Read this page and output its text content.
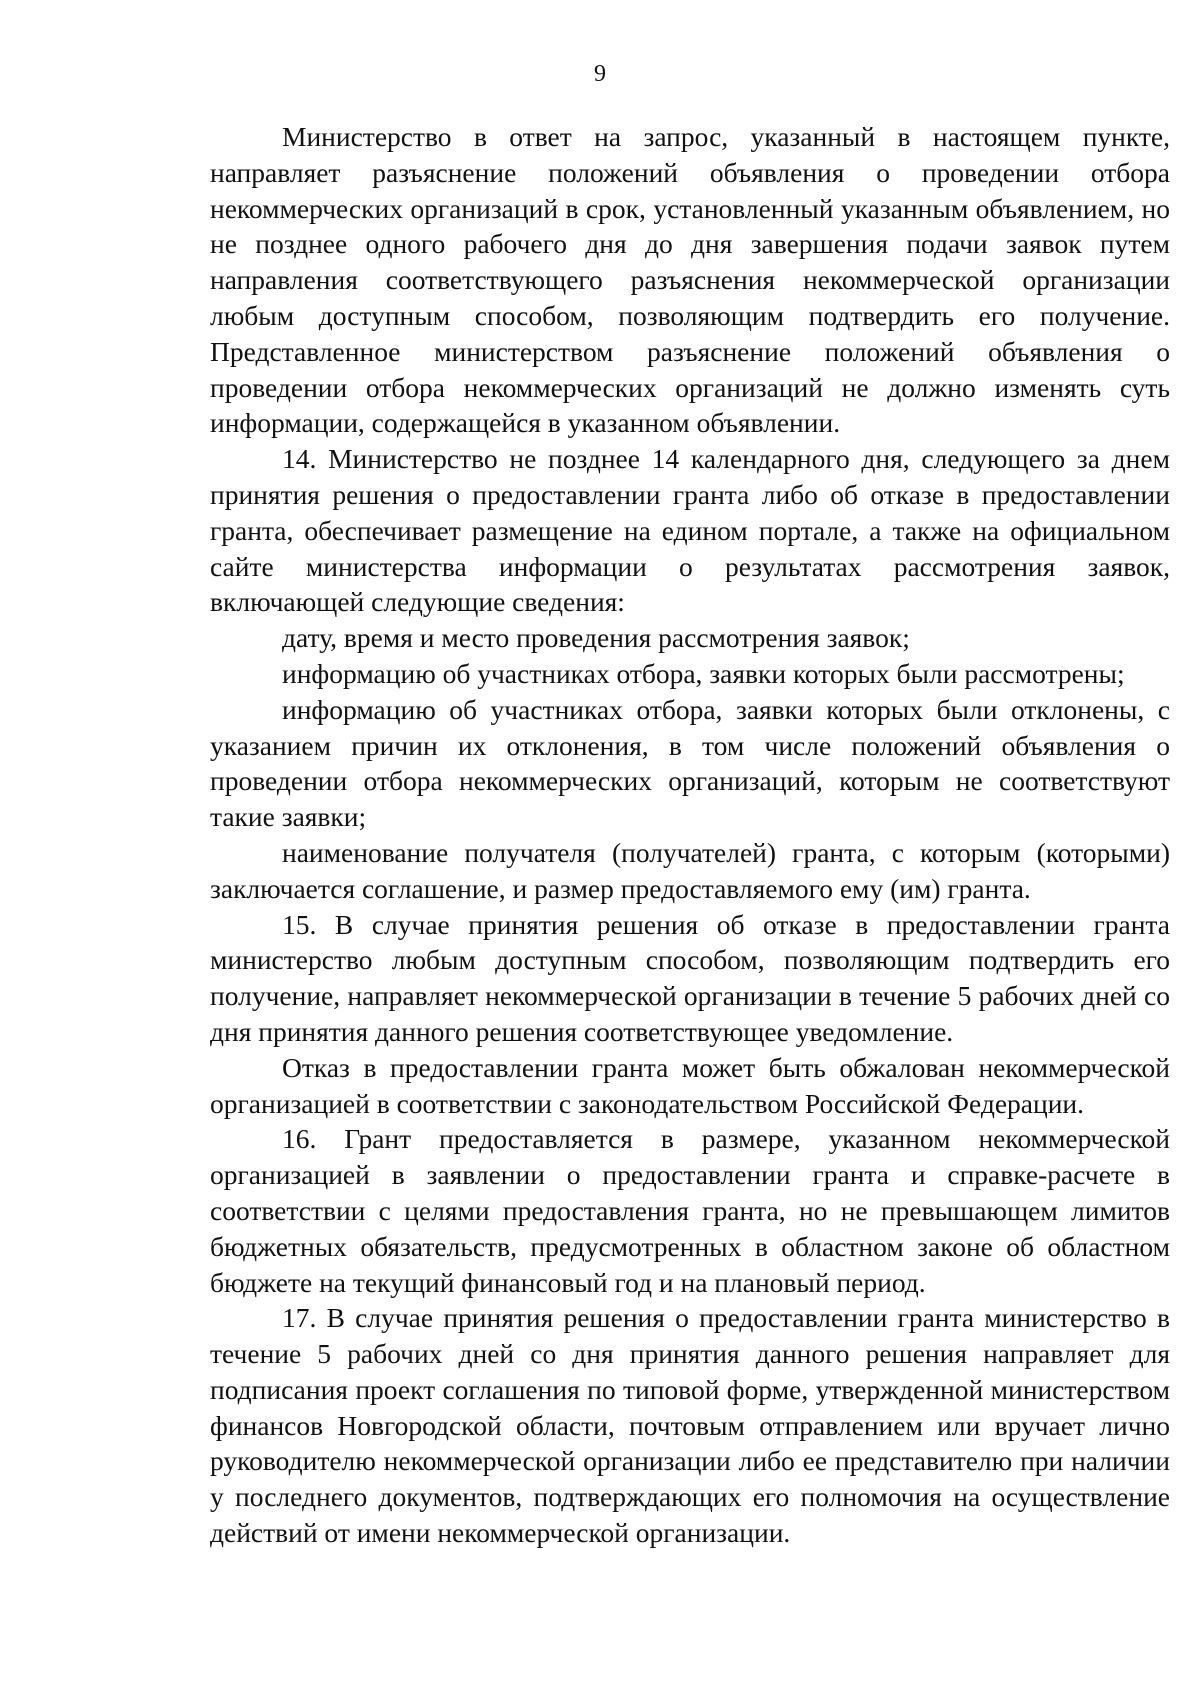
9

Министерство в ответ на запрос, указанный в настоящем пункте, направляет разъяснение положений объявления о проведении отбора некоммерческих организаций в срок, установленный указанным объявлением, но не позднее одного рабочего дня до дня завершения подачи заявок путем направления соответствующего разъяснения некоммерческой организации любым доступным способом, позволяющим подтвердить его получение. Представленное министерством разъяснение положений объявления о проведении отбора некоммерческих организаций не должно изменять суть информации, содержащейся в указанном объявлении.

14. Министерство не позднее 14 календарного дня, следующего за днем принятия решения о предоставлении гранта либо об отказе в предоставлении гранта, обеспечивает размещение на едином портале, а также на официальном сайте министерства информации о результатах рассмотрения заявок, включающей следующие сведения:

дату, время и место проведения рассмотрения заявок;

информацию об участниках отбора, заявки которых были рассмотрены;

информацию об участниках отбора, заявки которых были отклонены, с указанием причин их отклонения, в том числе положений объявления о проведении отбора некоммерческих организаций, которым не соответствуют такие заявки;

наименование получателя (получателей) гранта, с которым (которыми) заключается соглашение, и размер предоставляемого ему (им) гранта.

15. В случае принятия решения об отказе в предоставлении гранта министерство любым доступным способом, позволяющим подтвердить его получение, направляет некоммерческой организации в течение 5 рабочих дней со дня принятия данного решения соответствующее уведомление.

Отказ в предоставлении гранта может быть обжалован некоммерческой организацией в соответствии с законодательством Российской Федерации.

16. Грант предоставляется в размере, указанном некоммерческой организацией в заявлении о предоставлении гранта и справке-расчете в соответствии с целями предоставления гранта, но не превышающем лимитов бюджетных обязательств, предусмотренных в областном законе об областном бюджете на текущий финансовый год и на плановый период.

17. В случае принятия решения о предоставлении гранта министерство в течение 5 рабочих дней со дня принятия данного решения направляет для подписания проект соглашения по типовой форме, утвержденной министерством финансов Новгородской области, почтовым отправлением или вручает лично руководителю некоммерческой организации либо ее представителю при наличии у последнего документов, подтверждающих его полномочия на осуществление действий от имени некоммерческой организации.
